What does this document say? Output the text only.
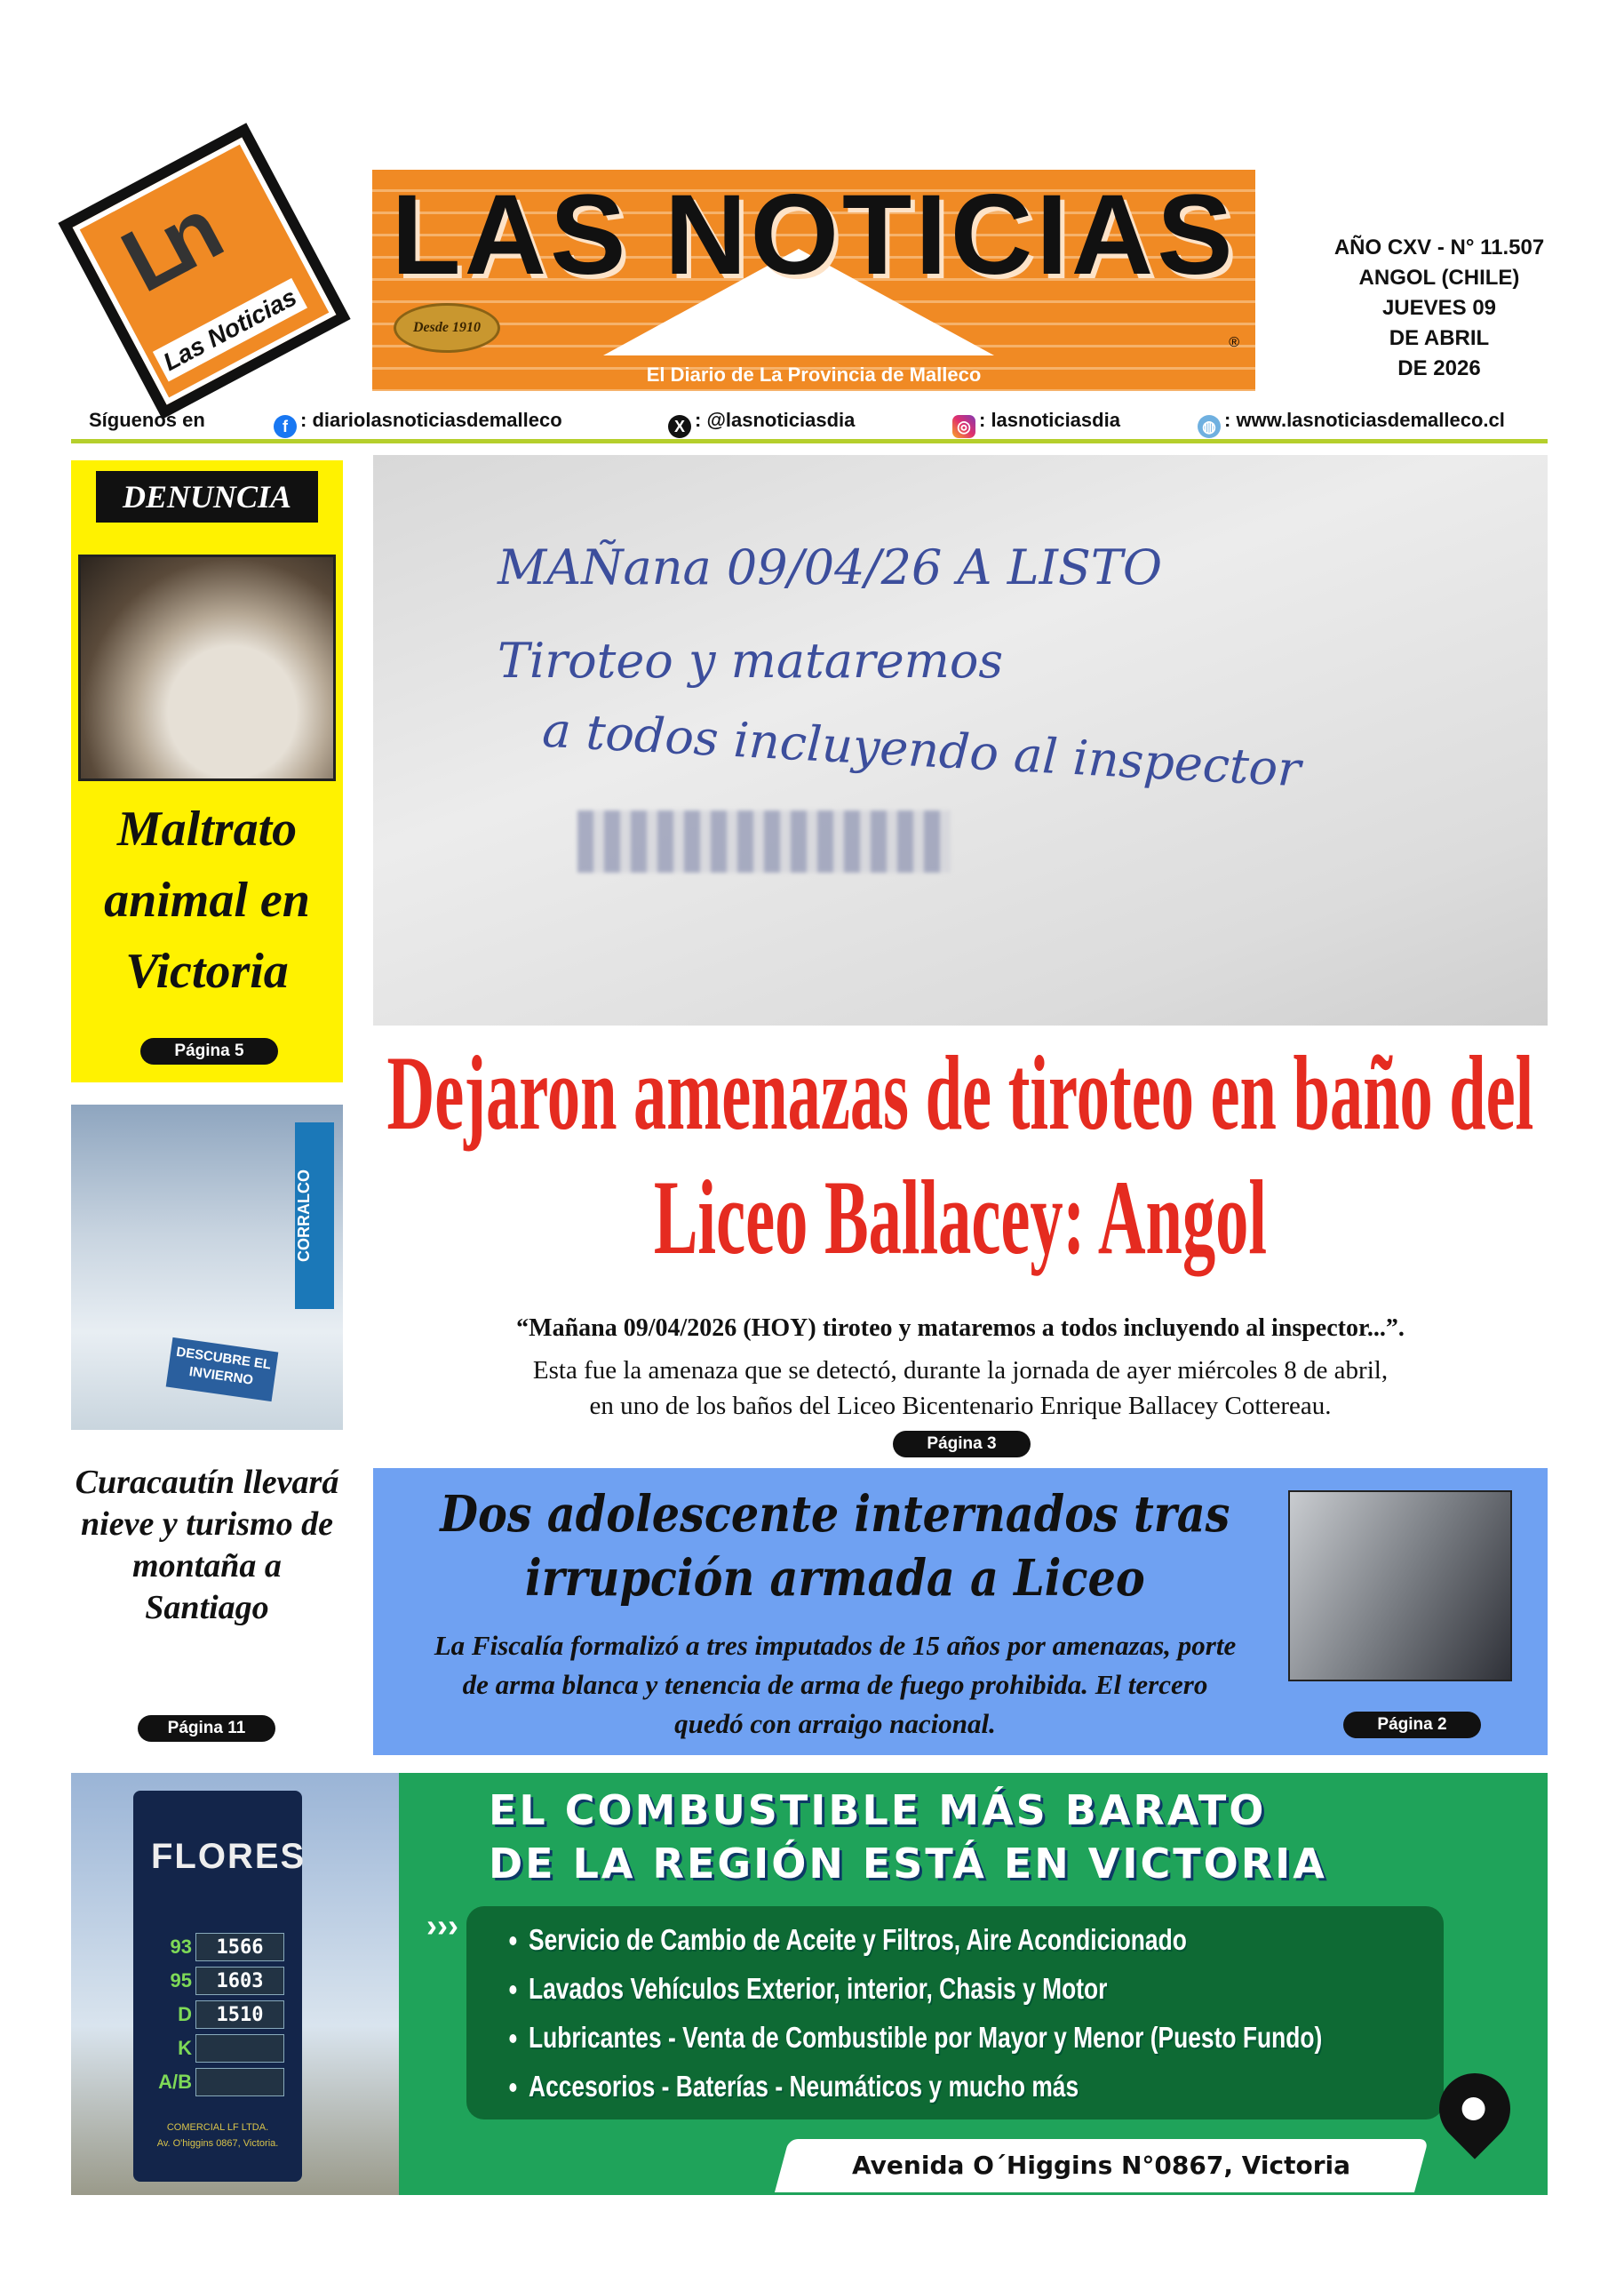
Ln
Las Noticias
LAS NOTICIAS
Desde 1910
®
El Diario de La Provincia de Malleco
AÑO CXV - N° 11.507
ANGOL (CHILE)
JUEVES 09
DE ABRIL
DE 2026
Síguenos en	f : diariolasnoticiasdemalleco	X : @lasnoticiasdia	◎ : lasnoticiasdia	◍ : www.lasnoticiasdemalleco.cl
DENUNCIA
Maltrato animal en Victoria
Página 5
MAÑana 09/04/26 A LISTO
Tiroteo y mataremos
a todos incluyendo al inspector
Dejaron amenazas de tiroteo en baño del Liceo Ballacey: Angol
“Mañana 09/04/2026 (HOY) tiroteo y mataremos a todos incluyendo al inspector...”.
Esta fue la amenaza que se detectó, durante la jornada de ayer miércoles 8 de abril,
en uno de los baños del Liceo Bicentenario Enrique Ballacey Cottereau.
Página 3
CORRALCO
DESCUBRE EL INVIERNO
Curacautín llevará nieve y turismo de montaña a Santiago
Página 11
Dos adolescente internados tras irrupción armada a Liceo

La Fiscalía formalizó a tres imputados de 15 años por amenazas, porte de arma blanca y tenencia de arma de fuego prohibida. El tercero quedó con arraigo nacional.	Página 2
FLORES
93	1566
95	1603
D	1510
K
A/B
COMERCIAL LF LTDA.
Av. O'higgins 0867, Victoria.
EL COMBUSTIBLE MÁS BARATO
DE LA REGIÓN ESTÁ EN VICTORIA
››› • Servicio de Cambio de Aceite y Filtros, Aire Acondicionado
• Lavados Vehículos Exterior, interior, Chasis y Motor
• Lubricantes - Venta de Combustible por Mayor y Menor (Puesto Fundo)
• Accesorios - Baterías - Neumáticos y mucho más
Avenida O´Higgins N°0867, Victoria
